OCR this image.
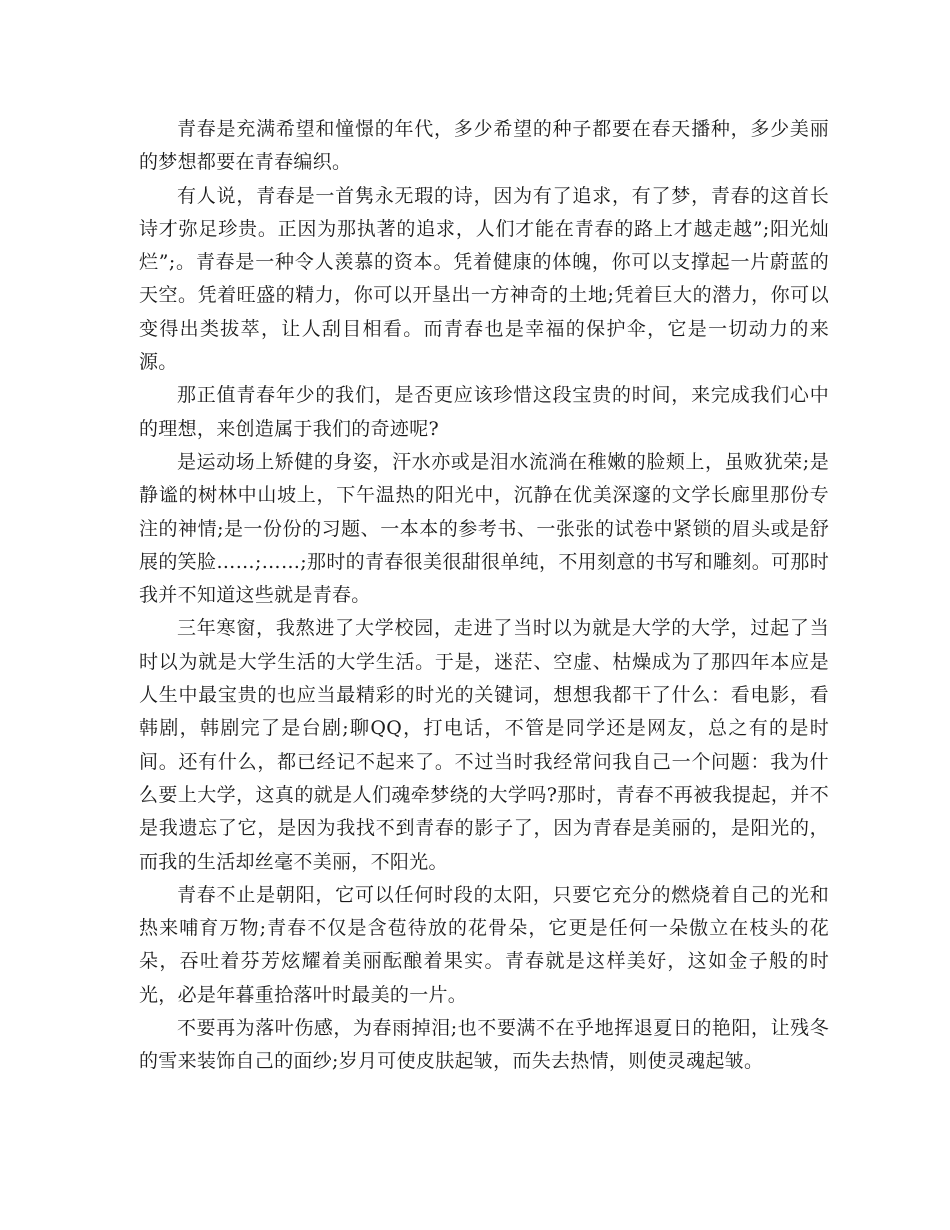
青春是充满希望和憧憬的年代，多少希望的种子都要在春天播种，多少美丽的梦想都要在青春编织。

有人说，青春是一首隽永无瑕的诗，因为有了追求，有了梦，青春的这首长诗才弥足珍贵。正因为那执著的追求，人们才能在青春的路上才越走越”;阳光灿烂”;。青春是一种令人羡慕的资本。凭着健康的体魄，你可以支撑起一片蔚蓝的天空。凭着旺盛的精力，你可以开垦出一方神奇的土地;凭着巨大的潜力，你可以变得出类拔萃，让人刮目相看。而青春也是幸福的保护伞，它是一切动力的来源。

那正值青春年少的我们，是否更应该珍惜这段宝贵的时间，来完成我们心中的理想，来创造属于我们的奇迹呢?

是运动场上矫健的身姿，汗水亦或是泪水流淌在稚嫩的脸颊上，虽败犹荣;是静谧的树林中山坡上，下午温热的阳光中，沉静在优美深邃的文学长廊里那份专注的神情;是一份份的习题、一本本的参考书、一张张的试卷中紧锁的眉头或是舒展的笑脸……;……;那时的青春很美很甜很单纯，不用刻意的书写和雕刻。可那时我并不知道这些就是青春。

三年寒窗，我熬进了大学校园，走进了当时以为就是大学的大学，过起了当时以为就是大学生活的大学生活。于是，迷茫、空虚、枯燥成为了那四年本应是人生中最宝贵的也应当最精彩的时光的关键词，想想我都干了什么：看电影，看韩剧，韩剧完了是台剧;聊QQ，打电话，不管是同学还是网友，总之有的是时间。还有什么，都已经记不起来了。不过当时我经常问我自己一个问题：我为什么要上大学，这真的就是人们魂牵梦绕的大学吗?那时，青春不再被我提起，并不是我遗忘了它，是因为我找不到青春的影子了，因为青春是美丽的，是阳光的，而我的生活却丝毫不美丽，不阳光。

青春不止是朝阳，它可以任何时段的太阳，只要它充分的燃烧着自己的光和热来哺育万物;青春不仅是含苞待放的花骨朵，它更是任何一朵傲立在枝头的花朵，吞吐着芬芳炫耀着美丽酝酿着果实。青春就是这样美好，这如金子般的时光，必是年暮重拾落叶时最美的一片。

不要再为落叶伤感，为春雨掉泪;也不要满不在乎地挥退夏日的艳阳，让残冬的雪来装饰自己的面纱;岁月可使皮肤起皱，而失去热情，则使灵魂起皱。
